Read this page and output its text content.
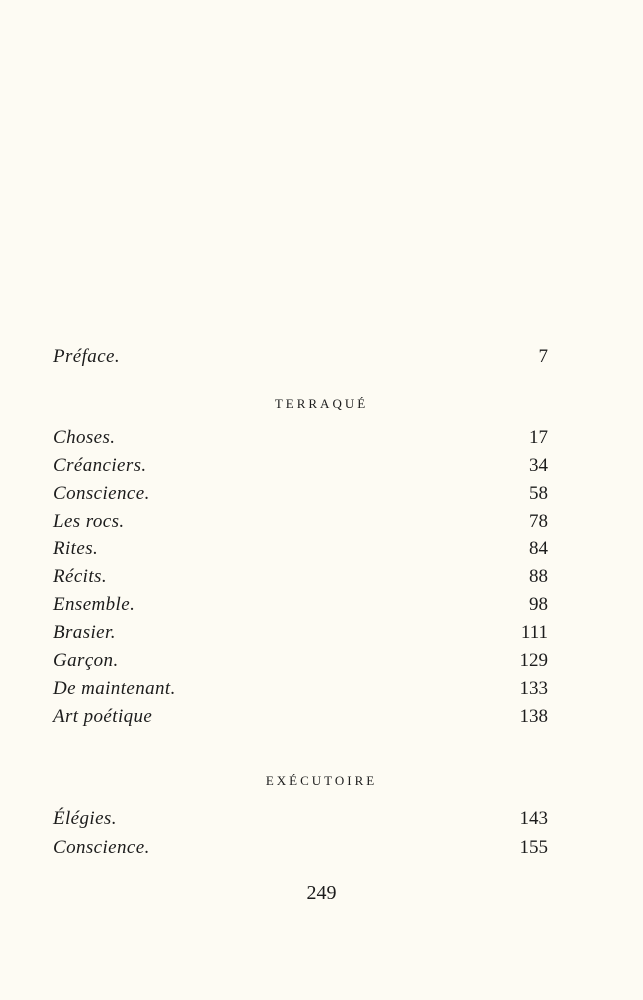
Préface.	7
TERRAQUÉ
Choses.	17
Créanciers.	34
Conscience.	58
Les rocs.	78
Rites.	84
Récits.	88
Ensemble.	98
Brasier.	111
Garçon.	129
De maintenant.	133
Art poétique	138
EXÉCUTOIRE
Élégies.	143
Conscience.	155
249
